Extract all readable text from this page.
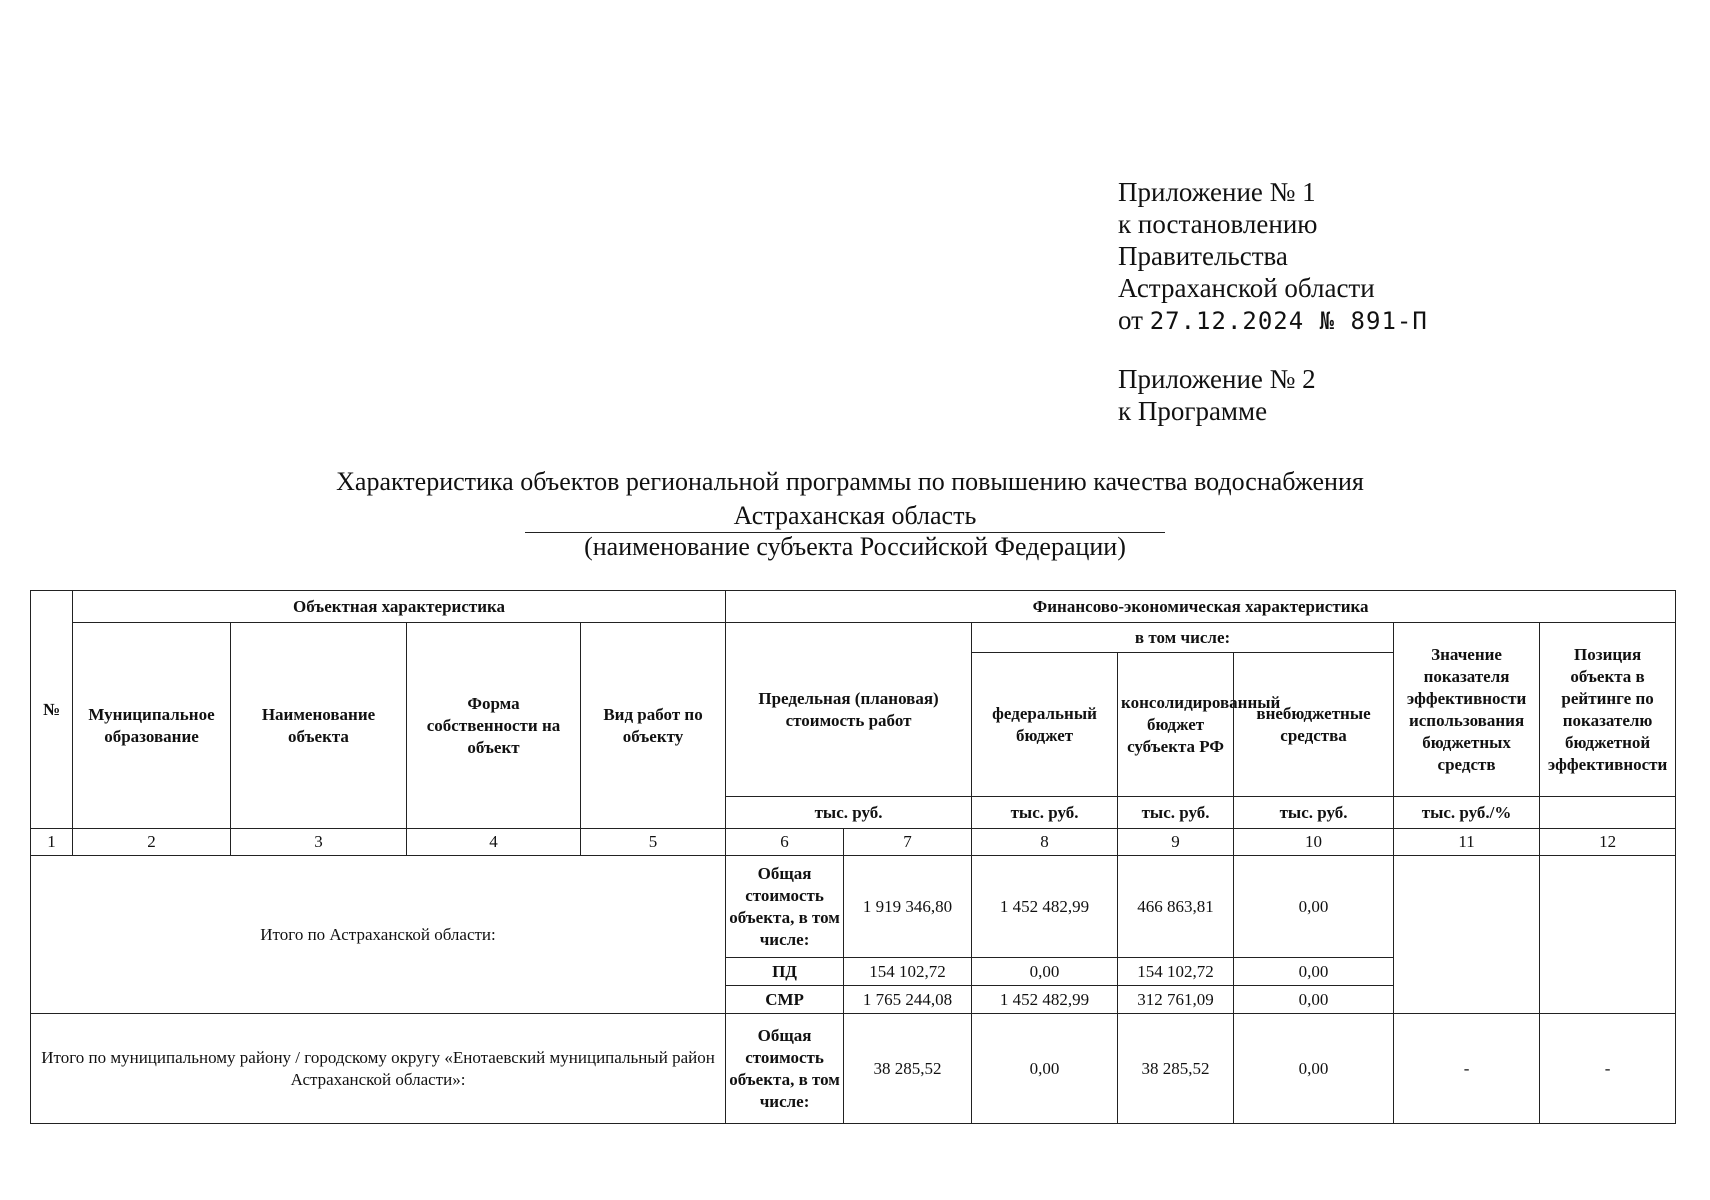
Приложение № 1
к постановлению
Правительства
Астраханской области
от 27.12.2024 № 891-П
Приложение № 2
к Программе
Характеристика объектов региональной программы по повышению качества водоснабжения
Астраханская область
(наименование субъекта Российской Федерации)
№	Объектная характеристика				Финансово-экономическая характеристика						
	Муниципальное образование	Наименование объекта	Форма собственности на объект	Вид работ по объекту	Предельная (плановая) стоимость работ		в том числе:			Значение показателя эффективности использования бюджетных средств	Позиция объекта в рейтинге по показателю бюджетной эффективности
							федеральный бюджет	консолидированный бюджет субъекта РФ	внебюджетные средства		
					тыс. руб.		тыс. руб.	тыс. руб.	тыс. руб.	тыс. руб./%	
1	2	3	4	5	6	7	8	9	10	11	12
Итого по Астраханской области:					Общая стоимость объекта, в том числе:	1 919 346,80	1 452 482,99	466 863,81	0,00		
					ПД	154 102,72	0,00	154 102,72	0,00		
					СМР	1 765 244,08	1 452 482,99	312 761,09	0,00		
Итого по муниципальному району / городскому округу «Енотаевский муниципальный район Астраханской области»:					Общая стоимость объекта, в том числе:	38 285,52	0,00	38 285,52	0,00	-	-
